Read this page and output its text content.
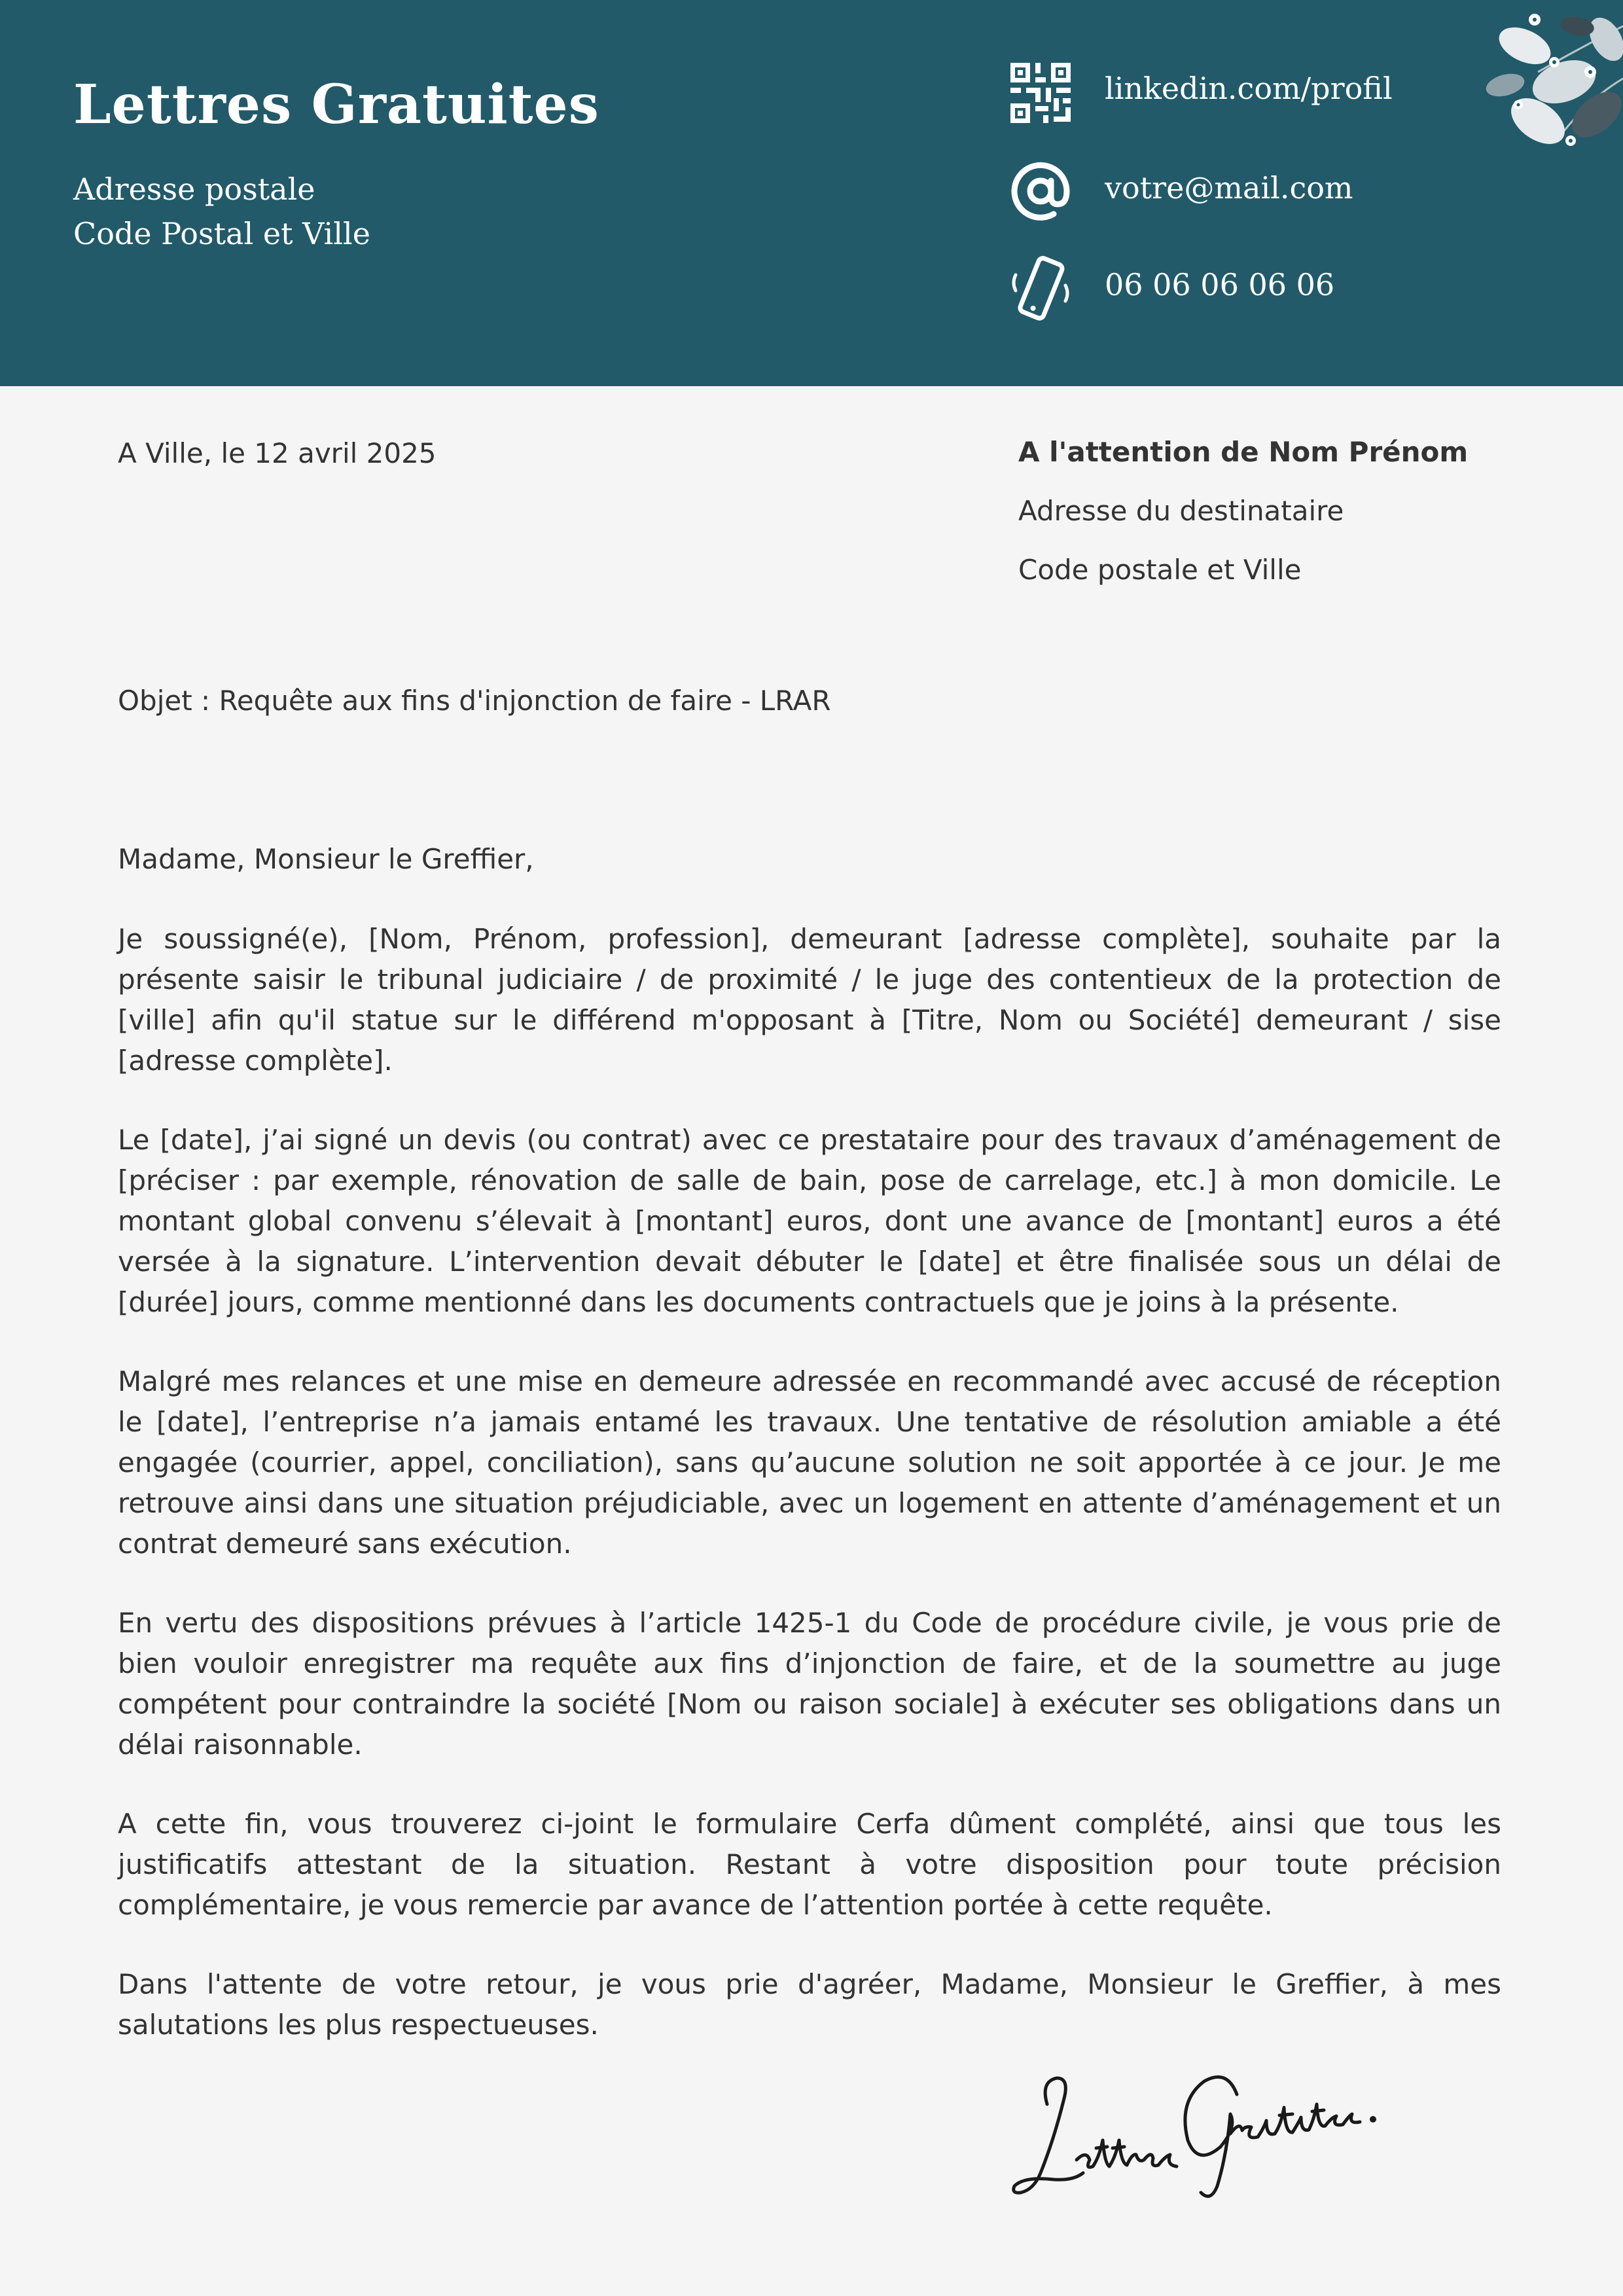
Lettres Gratuites
Adresse postale
Code Postal et Ville
linkedin.com/profil
votre@mail.com
06 06 06 06 06
A Ville, le 12 avril 2025	A l'attention de Nom Prénom
Adresse du destinataire
Code postale et Ville
Objet : Requête aux fins d'injonction de faire - LRAR
Madame, Monsieur le Greffier,

Je soussigné(e), [Nom, Prénom, profession], demeurant [adresse complète], souhaite par la présente saisir le tribunal judiciaire / de proximité / le juge des contentieux de la protection de [ville] afin qu'il statue sur le différend m'opposant à [Titre, Nom ou Société] demeurant / sise [adresse complète].

Le [date], j’ai signé un devis (ou contrat) avec ce prestataire pour des travaux d’aménagement de [préciser : par exemple, rénovation de salle de bain, pose de carrelage, etc.] à mon domicile. Le montant global convenu s’élevait à [montant] euros, dont une avance de [montant] euros a été versée à la signature. L’intervention devait débuter le [date] et être finalisée sous un délai de [durée] jours, comme mentionné dans les documents contractuels que je joins à la présente.

Malgré mes relances et une mise en demeure adressée en recommandé avec accusé de réception le [date], l’entreprise n’a jamais entamé les travaux. Une tentative de résolution amiable a été engagée (courrier, appel, conciliation), sans qu’aucune solution ne soit apportée à ce jour. Je me retrouve ainsi dans une situation préjudiciable, avec un logement en attente d’aménagement et un contrat demeuré sans exécution.

En vertu des dispositions prévues à l’article 1425-1 du Code de procédure civile, je vous prie de bien vouloir enregistrer ma requête aux fins d’injonction de faire, et de la soumettre au juge compétent pour contraindre la société [Nom ou raison sociale] à exécuter ses obligations dans un délai raisonnable.

A cette fin, vous trouverez ci-joint le formulaire Cerfa dûment complété, ainsi que tous les justificatifs attestant de la situation. Restant à votre disposition pour toute précision complémentaire, je vous remercie par avance de l’attention portée à cette requête.

Dans l'attente de votre retour, je vous prie d'agréer, Madame, Monsieur le Greffier, à mes salutations les plus respectueuses.
